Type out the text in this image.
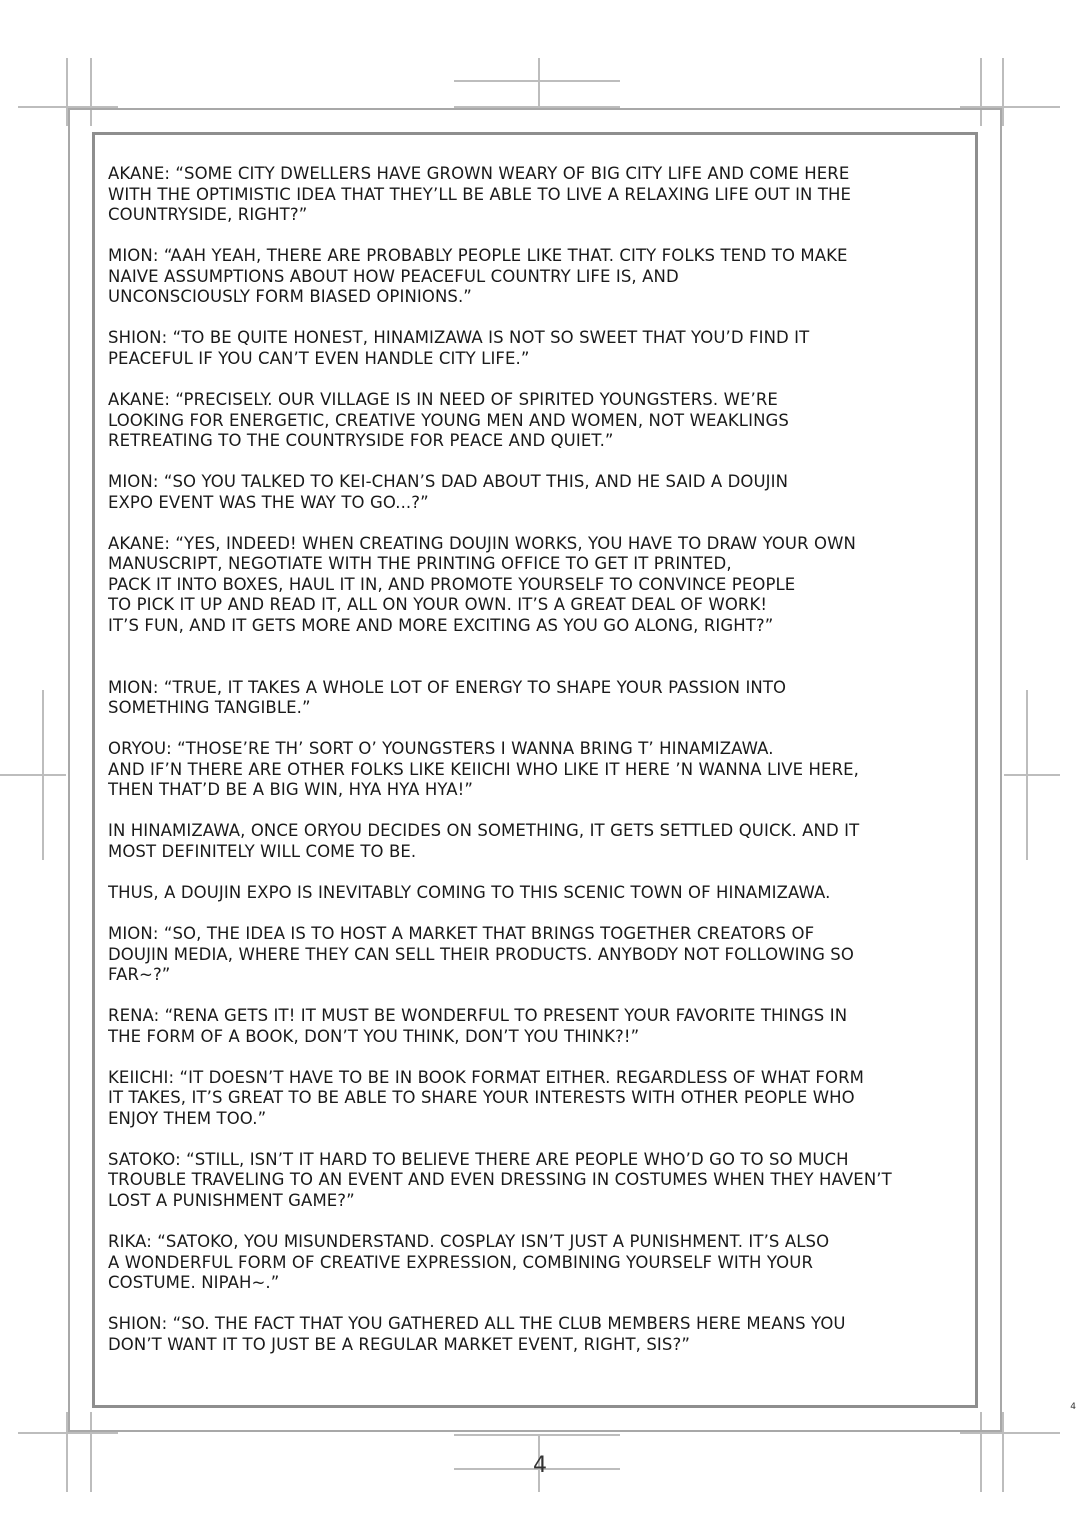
AKANE: “SOME CITY DWELLERS HAVE GROWN WEARY OF BIG CITY LIFE AND COME HERE
WITH THE OPTIMISTIC IDEA THAT THEY’LL BE ABLE TO LIVE A RELAXING LIFE OUT IN THE
COUNTRYSIDE, RIGHT?”

MION: “AAH YEAH, THERE ARE PROBABLY PEOPLE LIKE THAT. CITY FOLKS TEND TO MAKE
NAIVE ASSUMPTIONS ABOUT HOW PEACEFUL COUNTRY LIFE IS, AND
UNCONSCIOUSLY FORM BIASED OPINIONS.”

SHION: “TO BE QUITE HONEST, HINAMIZAWA IS NOT SO SWEET THAT YOU’D FIND IT
PEACEFUL IF YOU CAN’T EVEN HANDLE CITY LIFE.”

AKANE: “PRECISELY. OUR VILLAGE IS IN NEED OF SPIRITED YOUNGSTERS. WE’RE
LOOKING FOR ENERGETIC, CREATIVE YOUNG MEN AND WOMEN, NOT WEAKLINGS
RETREATING TO THE COUNTRYSIDE FOR PEACE AND QUIET.”

MION: “SO YOU TALKED TO KEI-CHAN’S DAD ABOUT THIS, AND HE SAID A DOUJIN
EXPO EVENT WAS THE WAY TO GO...?”

AKANE: “YES, INDEED! WHEN CREATING DOUJIN WORKS, YOU HAVE TO DRAW YOUR OWN
MANUSCRIPT, NEGOTIATE WITH THE PRINTING OFFICE TO GET IT PRINTED,
PACK IT INTO BOXES, HAUL IT IN, AND PROMOTE YOURSELF TO CONVINCE PEOPLE
TO PICK IT UP AND READ IT, ALL ON YOUR OWN. IT’S A GREAT DEAL OF WORK!
IT’S FUN, AND IT GETS MORE AND MORE EXCITING AS YOU GO ALONG, RIGHT?”

MION: “TRUE, IT TAKES A WHOLE LOT OF ENERGY TO SHAPE YOUR PASSION INTO
SOMETHING TANGIBLE.”

ORYOU: “THOSE’RE TH’ SORT O’ YOUNGSTERS I WANNA BRING T’ HINAMIZAWA.
AND IF’N THERE ARE OTHER FOLKS LIKE KEIICHI WHO LIKE IT HERE ’N WANNA LIVE HERE,
THEN THAT’D BE A BIG WIN, HYA HYA HYA!”

IN HINAMIZAWA, ONCE ORYOU DECIDES ON SOMETHING, IT GETS SETTLED QUICK. AND IT
MOST DEFINITELY WILL COME TO BE.

THUS, A DOUJIN EXPO IS INEVITABLY COMING TO THIS SCENIC TOWN OF HINAMIZAWA.

MION: “SO, THE IDEA IS TO HOST A MARKET THAT BRINGS TOGETHER CREATORS OF
DOUJIN MEDIA, WHERE THEY CAN SELL THEIR PRODUCTS. ANYBODY NOT FOLLOWING SO
FAR~?”

RENA: “RENA GETS IT! IT MUST BE WONDERFUL TO PRESENT YOUR FAVORITE THINGS IN
THE FORM OF A BOOK, DON’T YOU THINK, DON’T YOU THINK?!”

KEIICHI: “IT DOESN’T HAVE TO BE IN BOOK FORMAT EITHER. REGARDLESS OF WHAT FORM
IT TAKES, IT’S GREAT TO BE ABLE TO SHARE YOUR INTERESTS WITH OTHER PEOPLE WHO
ENJOY THEM TOO.”

SATOKO: “STILL, ISN’T IT HARD TO BELIEVE THERE ARE PEOPLE WHO’D GO TO SO MUCH
TROUBLE TRAVELING TO AN EVENT AND EVEN DRESSING IN COSTUMES WHEN THEY HAVEN’T
LOST A PUNISHMENT GAME?”

RIKA: “SATOKO, YOU MISUNDERSTAND. COSPLAY ISN’T JUST A PUNISHMENT. IT’S ALSO
A WONDERFUL FORM OF CREATIVE EXPRESSION, COMBINING YOURSELF WITH YOUR
COSTUME. NIPAH~.”

SHION: “SO. THE FACT THAT YOU GATHERED ALL THE CLUB MEMBERS HERE MEANS YOU
DON’T WANT IT TO JUST BE A REGULAR MARKET EVENT, RIGHT, SIS?”

4
4
